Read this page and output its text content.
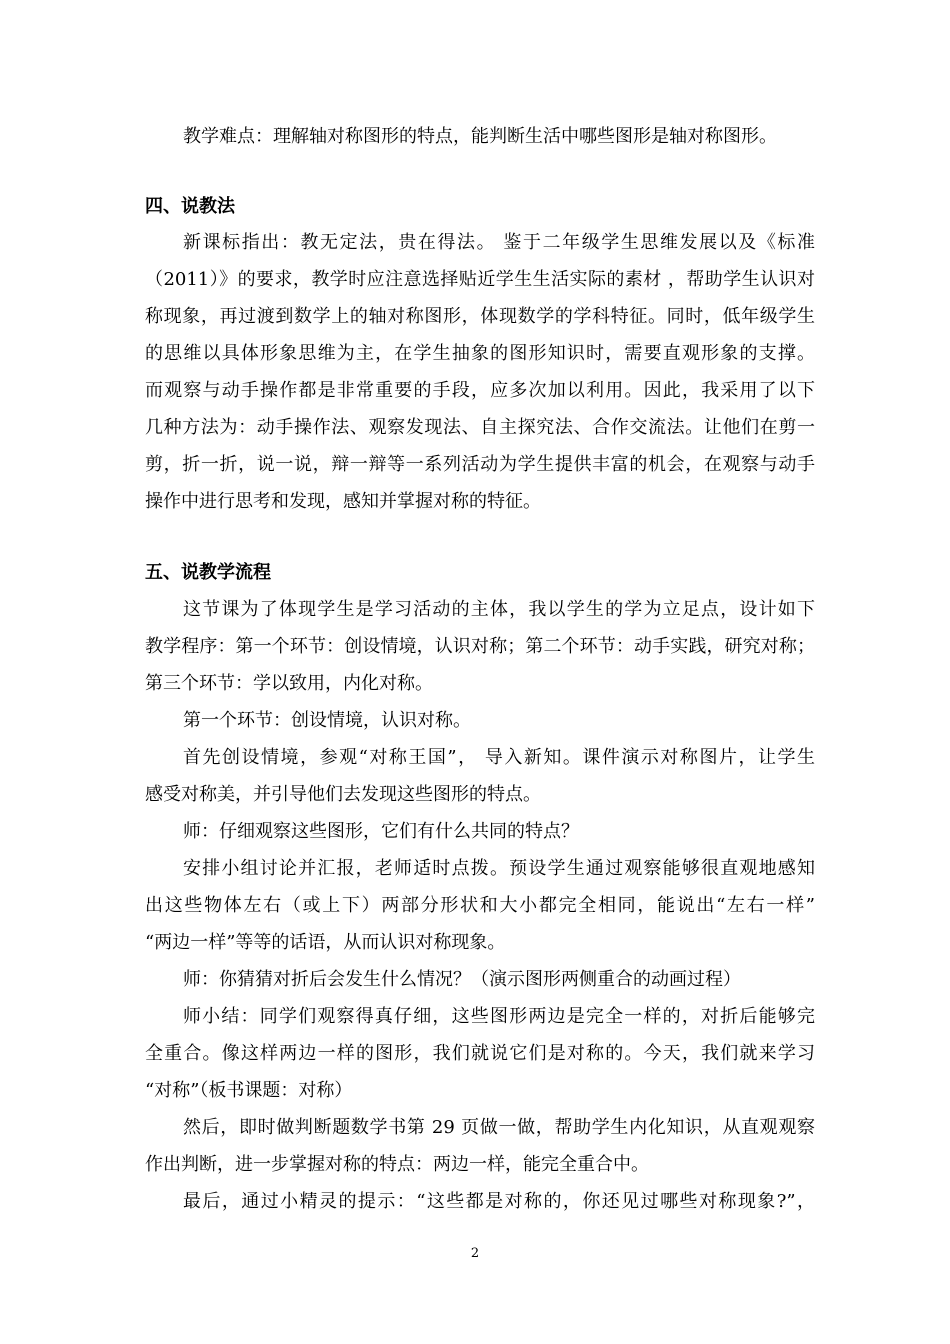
教学难点：理解轴对称图形的特点，能判断生活中哪些图形是轴对称图形。
四、说教法
新课标指出：教无定法，贵在得法。 鉴于二年级学生思维发展以及《标准
（2011）》的要求，教学时应注意选择贴近学生生活实际的素材 ，帮助学生认识对
称现象，再过渡到数学上的轴对称图形，体现数学的学科特征。同时，低年级学生
的思维以具体形象思维为主，在学生抽象的图形知识时，需要直观形象的支撑。
而观察与动手操作都是非常重要的手段，应多次加以利用。因此，我采用了以下
几种方法为：动手操作法、观察发现法、自主探究法、合作交流法。让他们在剪一
剪，折一折，说一说，辩一辩等一系列活动为学生提供丰富的机会，在观察与动手
操作中进行思考和发现，感知并掌握对称的特征。
五、说教学流程
这节课为了体现学生是学习活动的主体，我以学生的学为立足点，设计如下
教学程序：第一个环节：创设情境，认识对称；第二个环节：动手实践，研究对称；
第三个环节：学以致用，内化对称。
第一个环节：创设情境，认识对称。
首先创设情境，参观“对称王国”， 导入新知。课件演示对称图片，让学生
感受对称美，并引导他们去发现这些图形的特点。
师：仔细观察这些图形，它们有什么共同的特点？
安排小组讨论并汇报，老师适时点拨。预设学生通过观察能够很直观地感知
出这些物体左右（或上下）两部分形状和大小都完全相同，能说出“左右一样”
“两边一样”等等的话语，从而认识对称现象。
师：你猜猜对折后会发生什么情况？（演示图形两侧重合的动画过程）
师小结：同学们观察得真仔细，这些图形两边是完全一样的，对折后能够完
全重合。像这样两边一样的图形，我们就说它们是对称的。今天，我们就来学习
“对称”（板书课题：对称）
然后，即时做判断题数学书第 29 页做一做，帮助学生内化知识，从直观观察
作出判断，进一步掌握对称的特点：两边一样，能完全重合中。
最后，通过小精灵的提示：“这些都是对称的，你还见过哪些对称现象?”，
2
